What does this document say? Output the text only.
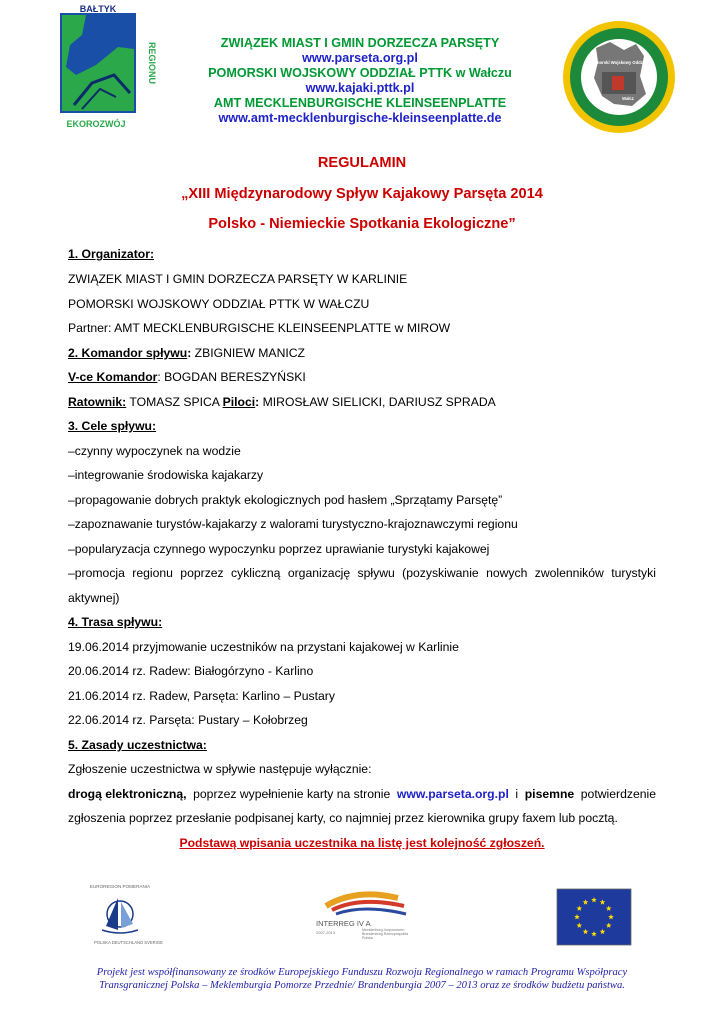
BAŁTYK
REGIONU
EKOROZWÓJ
ZWIĄZEK MIAST I GMIN DORZECZA PARSĘTY
www.parseta.org.pl
POMORSKI WOJSKOWY ODDZIAŁ PTTK w Wałczu
www.kajaki.pttk.pl
AMT MECKLENBURGISCHE KLEINSEENPLATTE
www.amt-mecklenburgische-kleinseenplatte.de
Pomorski Wojskowy Oddział
Wałcz
REGULAMIN
„XIII Międzynarodowy Spływ Kajakowy Parsęta 2014
Polsko - Niemieckie Spotkania Ekologiczne”
1. Organizator:
ZWIĄZEK MIAST I GMIN DORZECZA PARSĘTY W KARLINIE
POMORSKI WOJSKOWY ODDZIAŁ PTTK W WAŁCZU
Partner: AMT MECKLENBURGISCHE KLEINSEENPLATTE w MIROW
2. Komandor spływu: ZBIGNIEW MANICZ
V-ce Komandor: BOGDAN BERESZYŃSKI
Ratownik: TOMASZ SPICA Piloci: MIROSŁAW SIELICKI, DARIUSZ SPRADA
3. Cele spływu:
–czynny wypoczynek na wodzie
–integrowanie środowiska kajakarzy
–propagowanie dobrych praktyk ekologicznych pod hasłem „Sprzątamy Parsętę”
–zapoznawanie turystów-kajakarzy z walorami turystyczno-krajoznawczymi regionu
–popularyzacja czynnego wypoczynku poprzez uprawianie turystyki kajakowej
–promocja regionu poprzez cykliczną organizację spływu (pozyskiwanie nowych zwolenników turystyki
aktywnej)
4. Trasa spływu:
19.06.2014 przyjmowanie uczestników na przystani kajakowej w Karlinie
20.06.2014 rz. Radew: Białogórzyno - Karlino
21.06.2014 rz. Radew, Parsęta: Karlino – Pustary
22.06.2014 rz. Parsęta: Pustary – Kołobrzeg
5. Zasady uczestnictwa:
Zgłoszenie uczestnictwa w spływie następuje wyłącznie:
drogą elektroniczną, poprzez wypełnienie karty na stronie www.parseta.org.pl i pisemne potwierdzenie
zgłoszenia poprzez przesłanie podpisanej karty, co najmniej przez kierownika grupy faxem lub pocztą.
Podstawą wpisania uczestnika na listę jest kolejność zgłoszeń.
EUROREGION POMERANIA
POLSKA DEUTSCHLAND SVERIGE
INTERREG IV A
2007-2013	Mecklenburg-Vorpommern Brandenburg Rzeczpospolita Polska
Projekt jest współfinansowany ze środków Europejskiego Funduszu Rozwoju Regionalnego w ramach Programu Współpracy
Transgranicznej Polska – Meklemburgia Pomorze Przednie/ Brandenburgia 2007 – 2013 oraz ze środków budżetu państwa.
